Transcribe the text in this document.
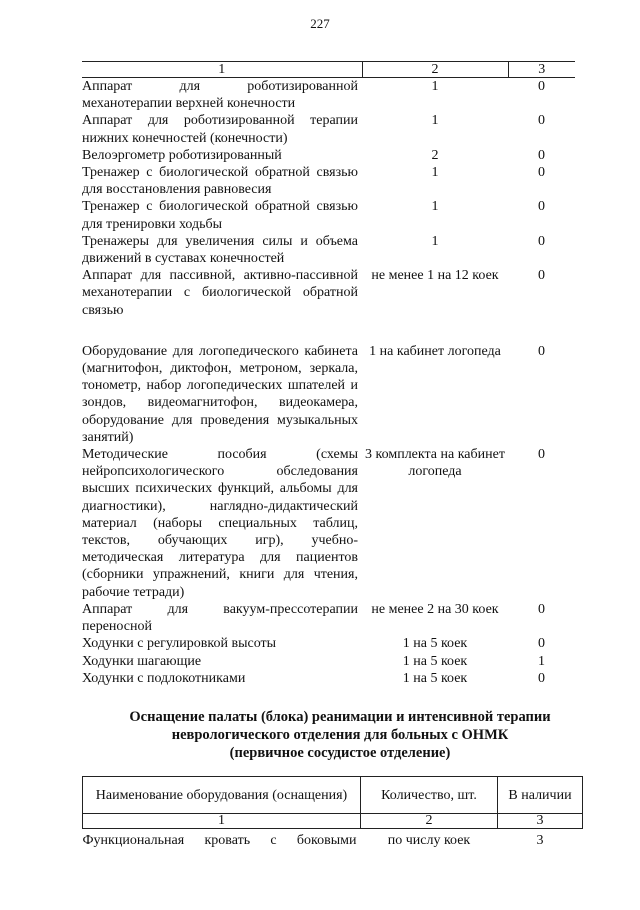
227
1	2	3
Аппарат для роботизированной механотерапии верхней конечности	1	0
Аппарат для роботизированной терапии нижних конечностей (конечности)	1	0
Велоэргометр роботизированный	2	0
Тренажер с биологической обратной связью для восстановления равновесия	1	0
Тренажер с биологической обратной связью для тренировки ходьбы	1	0
Тренажеры для увеличения силы и объема движений в суставах конечностей	1	0
Аппарат для пассивной, активно-пассивной механотерапии с биологической обратной связью	не менее 1 на 12 коек	0

Оборудование для логопедического кабинета (магнитофон, диктофон, метроном, зеркала, тонометр, набор логопедических шпателей и зондов, видеомагнитофон, видеокамера, оборудование для проведения музыкальных занятий)	1 на кабинет логопеда	0
Методические пособия (схемы нейропсихологического обследования высших психических функций, альбомы для диагностики), наглядно-дидактический материал (наборы специальных таблиц, текстов, обучающих игр), учебно-методическая литература для пациентов (сборники упражнений, книги для чтения, рабочие тетради)	3 комплекта на кабинет логопеда	0
Аппарат для вакуум-прессотерапии переносной	не менее 2 на 30 коек	0
Ходунки с регулировкой высоты	1 на 5 коек	0
Ходунки шагающие	1 на 5 коек	1
Ходунки с подлокотниками	1 на 5 коек	0
Оснащение палаты (блока) реанимации и интенсивной терапии
неврологического отделения для больных с ОНМК
(первичное сосудистое отделение)
Наименование оборудования (оснащения)	Количество, шт.	В наличии
1	2	3
Функциональная кровать с боковыми	по числу коек	3
